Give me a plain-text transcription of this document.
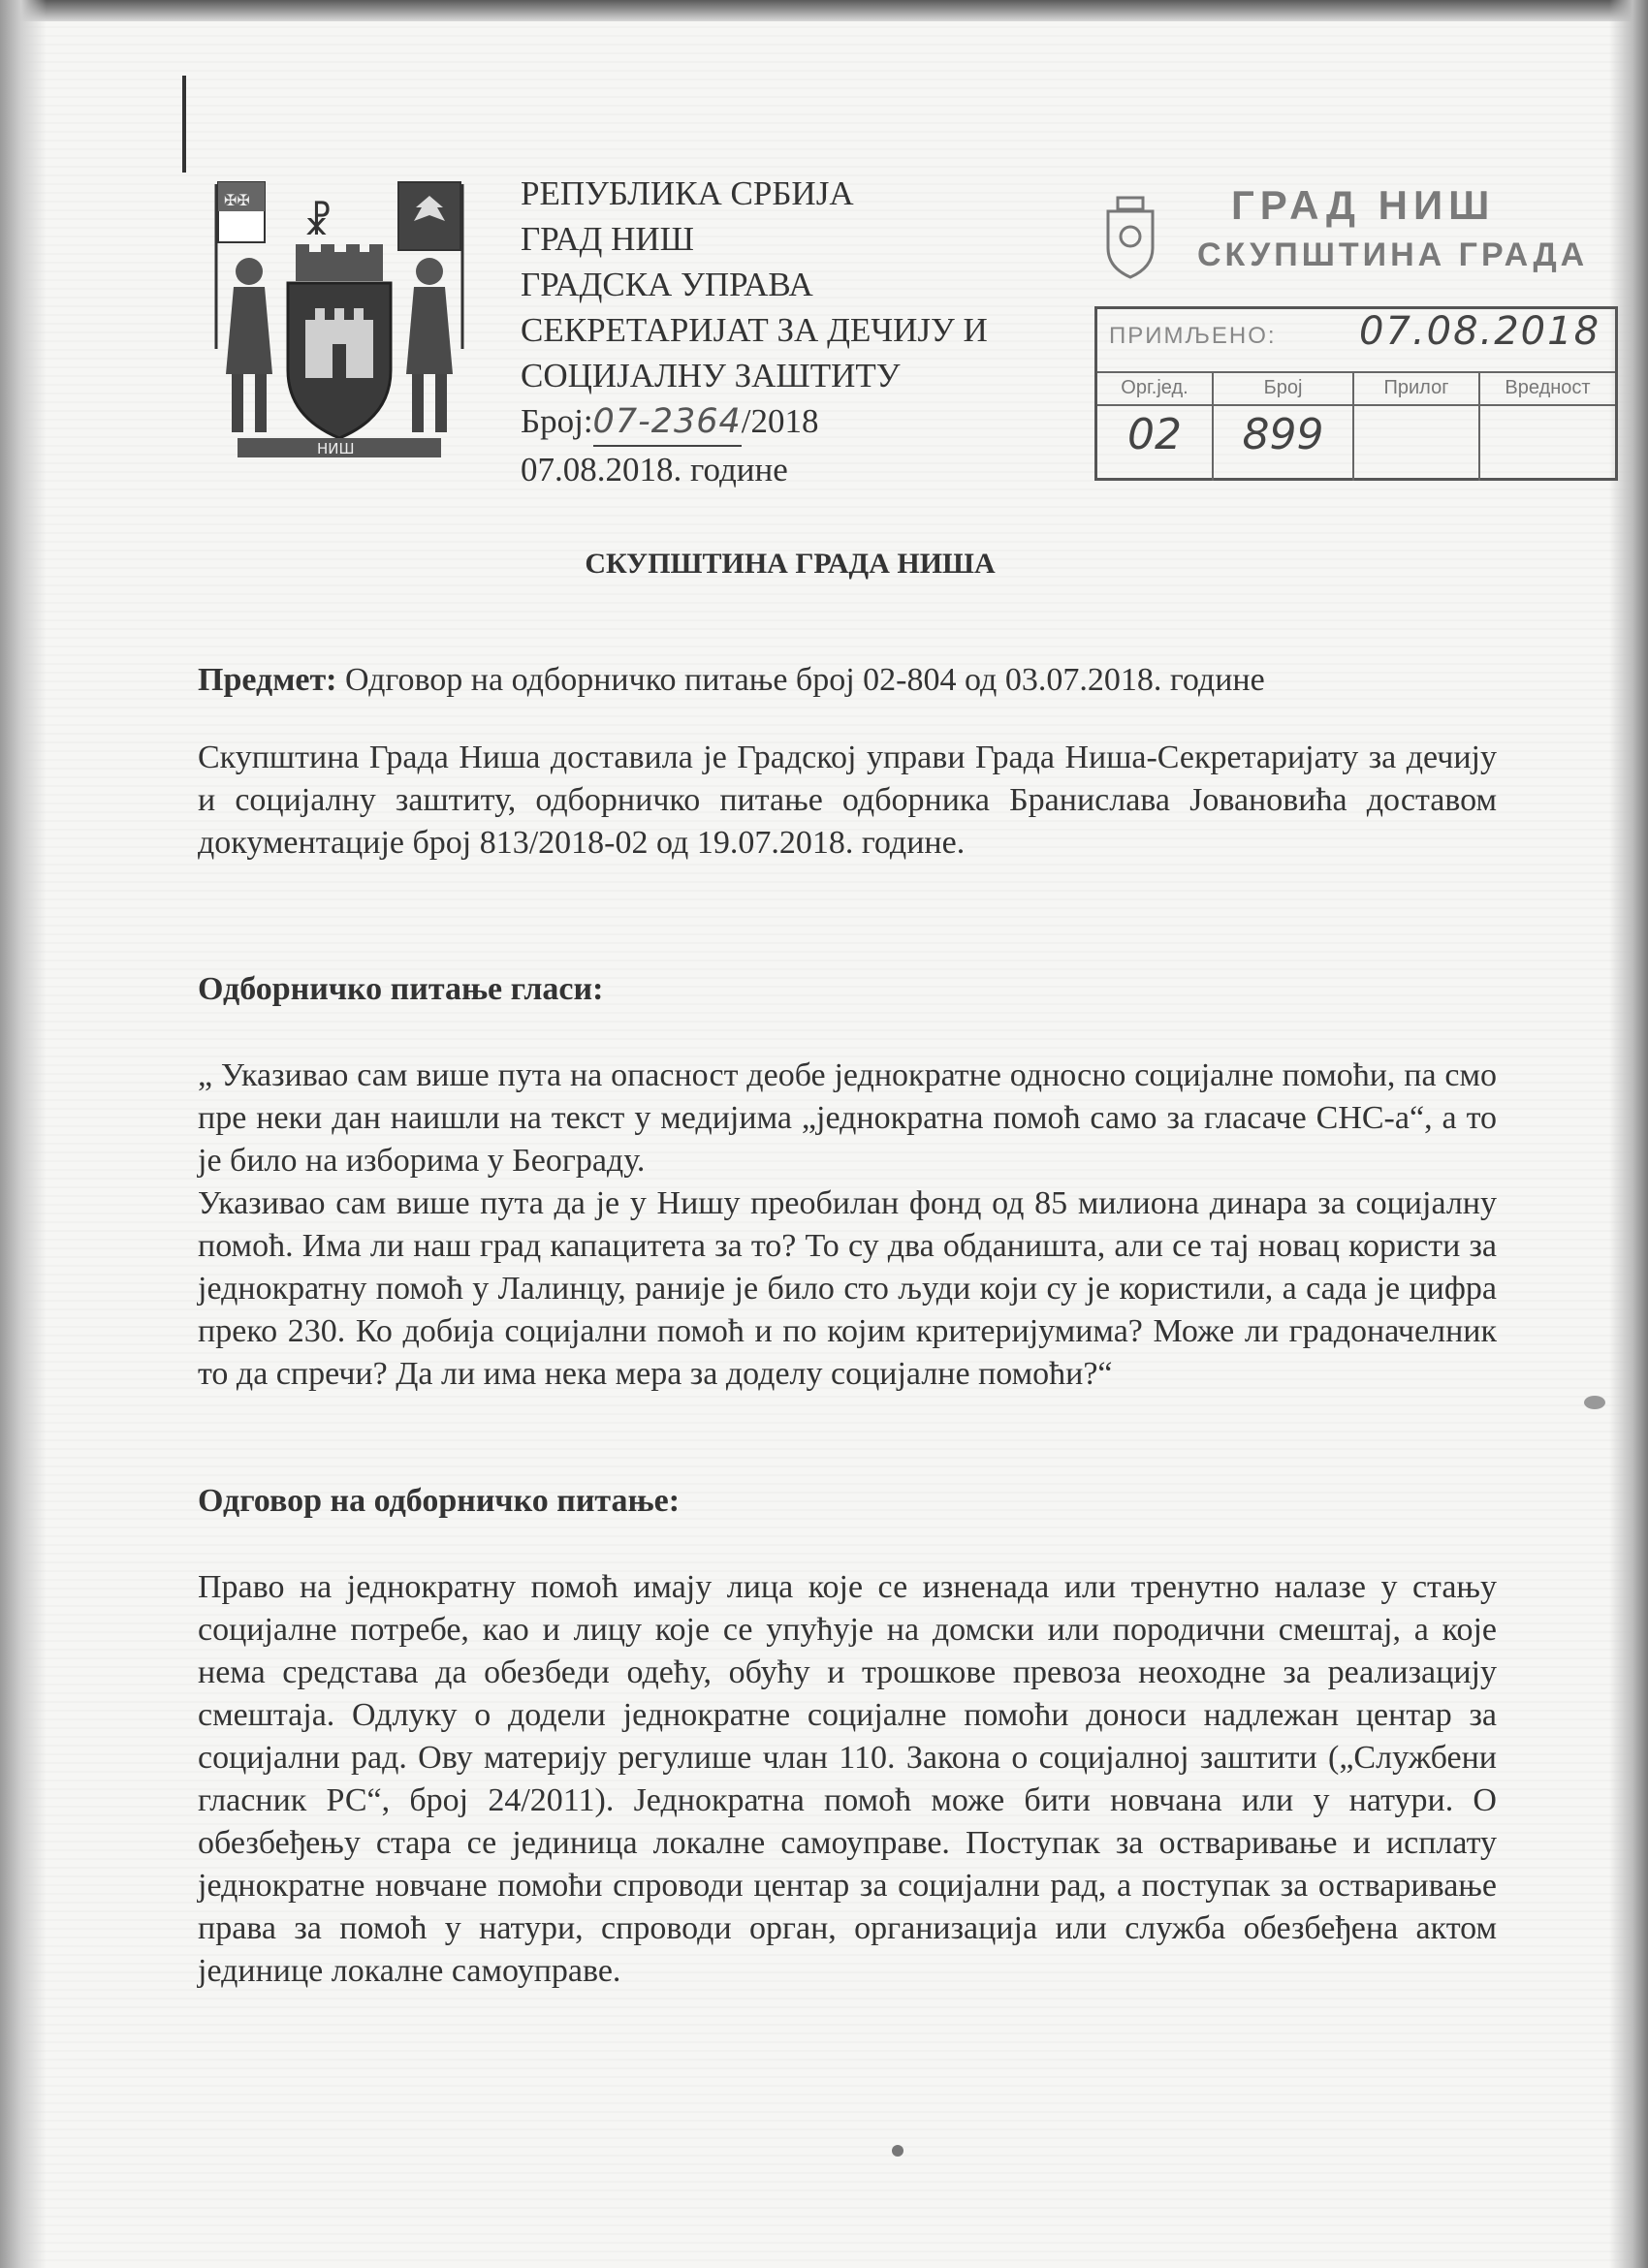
✠✠
☧
НИШ
РЕПУБЛИКА СРБИЈА
ГРАД НИШ
ГРАДСКА УПРАВА
СЕКРЕТАРИЈАТ ЗА ДЕЧИЈУ И
СОЦИЈАЛНУ ЗАШТИТУ
Број:07-2364/2018
07.08.2018. године
ГРАД НИШ
СКУПШТИНА ГРАДА
ПРИМЉЕНО: 07.08.2018
Орг.јед.
02
Број
899
Прилог	Вредност
СКУПШТИНА ГРАДА НИША
Предмет: Одговор на одборничко питање број 02-804 од 03.07.2018. године
Скупштина Града Ниша доставила је Градској управи Града Ниша-Секретаријату за дечију и социјалну заштиту, одборничко питање одборника Бранислава Јовановића доставом документације број 813/2018-02 од 19.07.2018. године.
Одборничко питање гласи:
„ Указивао сам више пута на опасност деобе једнократне односно социјалне помоћи, па смо пре неки дан наишли на текст у медијима „једнократна помоћ само за гласаче СНС-а“, а то је било на изборима у Београду.
Указивао сам више пута да је у Нишу преобилан фонд од 85 милиона динара за социјалну помоћ. Има ли наш град капацитета за то? То су два обданишта, али се тај новац користи за једнократну помоћ у Лалинцу, раније је било сто људи који су је користили, а сада је цифра преко 230. Ко добија социјални помоћ и по којим критеријумима? Може ли градоначелник то да спречи? Да ли има нека мера за доделу социјалне помоћи?“
Одговор на одборничко питање:
Право на једнократну помоћ имају лица које се изненада или тренутно налазе у стању социјалне потребе, као и лицу које се упућује на домски или породични смештај, а које нема средстава да обезбеди одећу, обућу и трошкове превоза неоходне за реализацију смештаја. Одлуку о додели једнократне социјалне помоћи доноси надлежан центар за социјални рад. Ову материју регулише члан 110. Закона о социјалној заштити („Службени гласник РС“, број 24/2011). Једнократна помоћ може бити новчана или у натури. О обезбеђењу стара се јединица локалне самоуправе. Поступак за остваривање и исплату једнократне новчане помоћи спроводи центар за социјални рад, а поступак за остваривање права за помоћ у натури, спроводи орган, организација или служба обезбеђена актом јединице локалне самоуправе.
